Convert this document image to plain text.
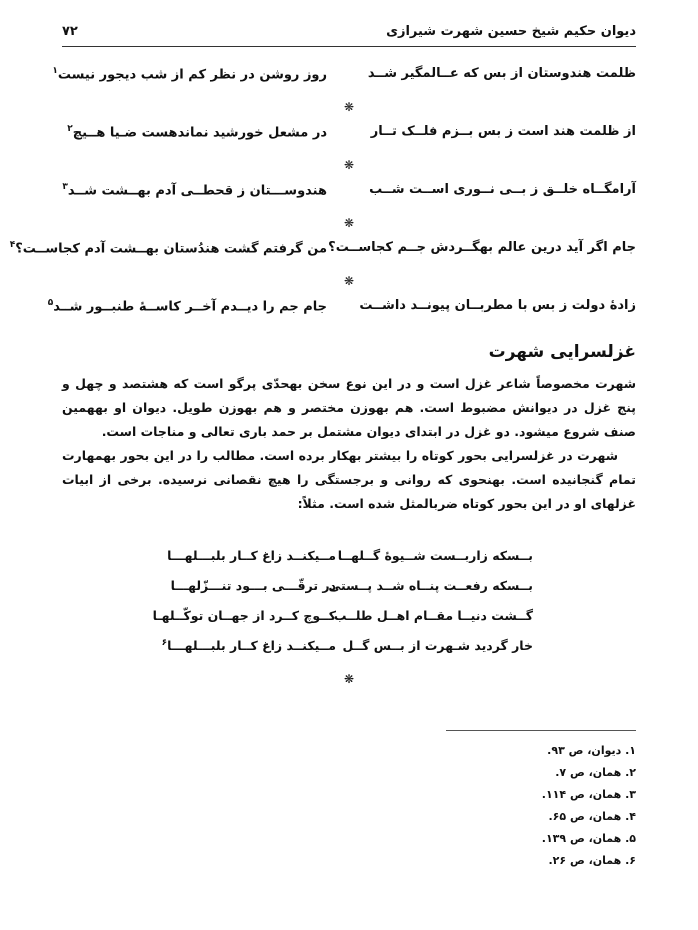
دیوان حکیم شیخ حسین شهرت شیرازی
۷۲
ظلمت هندوستان از بس که عــالمگیر شــد
روز روشن در نظر کم از شب دیجور نیست$^۱$
❋
از ظلمت هند است ز بس بــزم فلــک تــار
در مشعل خورشید نماندهست ضـیا هــیچ$^۲$
❋
آرامگــاه خلــق ز بــی نــوری اســت شــب
هندوســـتان ز قحطــی آدم بهــشت شــد$^۳$
❋
جام اگر آید درین عالم بهگــردش جــم کجاســت؟
من گرفتم گشت هندُستان بهــشت آدم کجاســت؟$^۴$
❋
زادهٔ دولت ز بس با مطربــان پیونــد داشــت
جام جم را دیــدم آخــر کاســهٔ طنبــور شــد$^۵$
غزلسرایی شهرت

شهرت مخصوصاً شاعر غزل است و در این نوع سخن بهحدّی پرگو است که هشتصد و چهل و پنج غزل در دیوانش مضبوط است. هم بهوزن مختصر و هم بهوزن طویل. دیوان او بههمین صنف شروع میشود. دو غزل در ابتدای دیوان مشتمل بر حمد باری تعالی و مناجات است.

شهرت در غزلسرایی بحور کوتاه را بیشتر بهکار برده است. مطالب را در این بحور بهمهارت تمام گنجانیده است. بهنحوی که روانی و برجستگی را هیچ نقصانی نرسیده. برخی از ابیات غزلهای او در این بحور کوتاه ضربالمثل شده است. مثلاً:

بــسکه زاربــست شــیوهٔ گــلهــا
مــیکنــد زاغ کــار بلبـــلهـــا
بــسکه رفعــت پنــاه شــد پــستی
در ترقّـــی بـــود تنـــزّلهـــا
گــشت دنیــا مقــام اهــل طلــب
کــوچ کــرد از جهــان توکّــلهـا
خار گردید شـهرت از بــس گــل
مــیکنــد زاغ کــار بلبـــلهـــا$^۶$
❋
۱. دیوان، ص ۹۳.
۲. همان، ص ۷.
۳. همان، ص ۱۱۴.
۴. همان، ص ۶۵.
۵. همان، ص ۱۳۹.
۶. همان، ص ۲۶.
